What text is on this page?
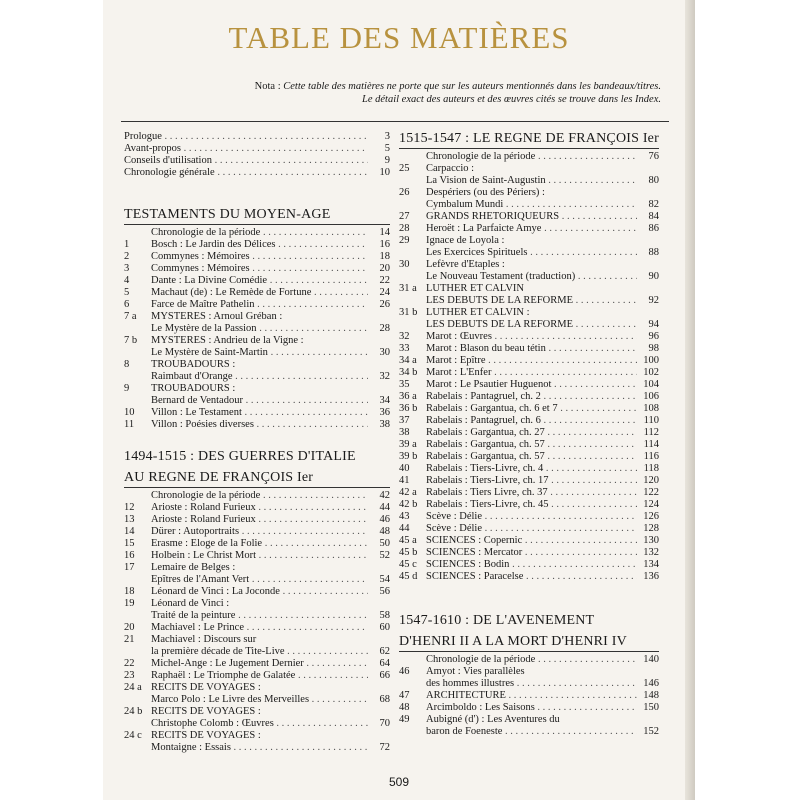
TABLE DES MATIÈRES
Nota : Cette table des matières ne porte que sur les auteurs mentionnés dans les bandeaux/titres.
Le détail exact des auteurs et des œuvres cités se trouve dans les Index.
Prologue . . .	3
Avant-propos . . .	5
Conseils d'utilisation . . .	9
Chronologie générale . . .	10
TESTAMENTS DU MOYEN-AGE
Chronologie de la période . . .	14
1 Bosch : Le Jardin des Délices . . .	16
2 Commynes : Mémoires . . .	18
3 Commynes : Mémoires . . .	20
4 Dante : La Divine Comédie . . .	22
5 Machaut (de) : Le Remède de Fortune . . .	24
6 Farce de Maître Pathelin . . .	26
7 a MYSTERES : Arnoul Gréban :
Le Mystère de la Passion . . .	28
7 b MYSTERES : Andrieu de la Vigne :
Le Mystère de Saint-Martin . . .	30
8 TROUBADOURS :
Raimbaut d'Orange . . .	32
9 TROUBADOURS :
Bernard de Ventadour . . .	34
10 Villon : Le Testament . . .	36
11 Villon : Poésies diverses . . .	38
1494-1515 : DES GUERRES D'ITALIE
AU REGNE DE FRANÇOIS Ier
Chronologie de la période . . .	42
12 Arioste : Roland Furieux . . .	44
13 Arioste : Roland Furieux . . .	46
14 Dürer : Autoportraits . . .	48
15 Erasme : Eloge de la Folie . . .	50
16 Holbein : Le Christ Mort . . .	52
17 Lemaire de Belges :
Epîtres de l'Amant Vert . . .	54
18 Léonard de Vinci : La Joconde . . .	56
19 Léonard de Vinci :
Traité de la peinture . . .	58
20 Machiavel : Le Prince . . .	60
21 Machiavel : Discours sur
la première décade de Tite-Live . . .	62
22 Michel-Ange : Le Jugement Dernier . . .	64
23 Raphaël : Le Triomphe de Galatée . . .	66
24 a RECITS DE VOYAGES :
Marco Polo : Le Livre des Merveilles . . .	68
24 b RECITS DE VOYAGES :
Christophe Colomb : Œuvres . . .	70
24 c RECITS DE VOYAGES :
Montaigne : Essais . . .	72
1515-1547 : LE REGNE DE FRANÇOIS Ier
Chronologie de la période . . .	76
25 Carpaccio :
La Vision de Saint-Augustin . . .	80
26 Despériers (ou des Périers) :
Cymbalum Mundi . . .	82
27 GRANDS RHETORIQUEURS . . .	84
28 Heroët : La Parfaicte Amye . . .	86
29 Ignace de Loyola :
Les Exercices Spirituels . . .	88
30 Lefèvre d'Etaples :
Le Nouveau Testament (traduction) . . .	90
31 a LUTHER ET CALVIN
LES DEBUTS DE LA REFORME . . .	92
31 b LUTHER ET CALVIN :
LES DEBUTS DE LA REFORME . . .	94
32 Marot : Œuvres . . .	96
33 Marot : Blason du beau tétin . . .	98
34 a Marot : Epître . . .	100
34 b Marot : L'Enfer . . .	102
35 Marot : Le Psautier Huguenot . . .	104
36 a Rabelais : Pantagruel, ch. 2 . . .	106
36 b Rabelais : Gargantua, ch. 6 et 7 . . .	108
37 Rabelais : Pantagruel, ch. 6 . . .	110
38 Rabelais : Gargantua, ch. 27 . . .	112
39 a Rabelais : Gargantua, ch. 57 . . .	114
39 b Rabelais : Gargantua, ch. 57 . . .	116
40 Rabelais : Tiers-Livre, ch. 4 . . .	118
41 Rabelais : Tiers-Livre, ch. 17 . . .	120
42 a Rabelais : Tiers Livre, ch. 37 . . .	122
42 b Rabelais : Tiers-Livre, ch. 45 . . .	124
43 Scève : Délie . . .	126
44 Scève : Délie . . .	128
45 a SCIENCES : Copernic . . .	130
45 b SCIENCES : Mercator . . .	132
45 c SCIENCES : Bodin . . .	134
45 d SCIENCES : Paracelse . . .	136
1547-1610 : DE L'AVENEMENT
D'HENRI II A LA MORT D'HENRI IV
Chronologie de la période . . .	140
46 Amyot : Vies parallèles
des hommes illustres . . .	146
47 ARCHITECTURE . . .	148
48 Arcimboldo : Les Saisons . . .	150
49 Aubigné (d') : Les Aventures du
baron de Foeneste . . .	152
509
